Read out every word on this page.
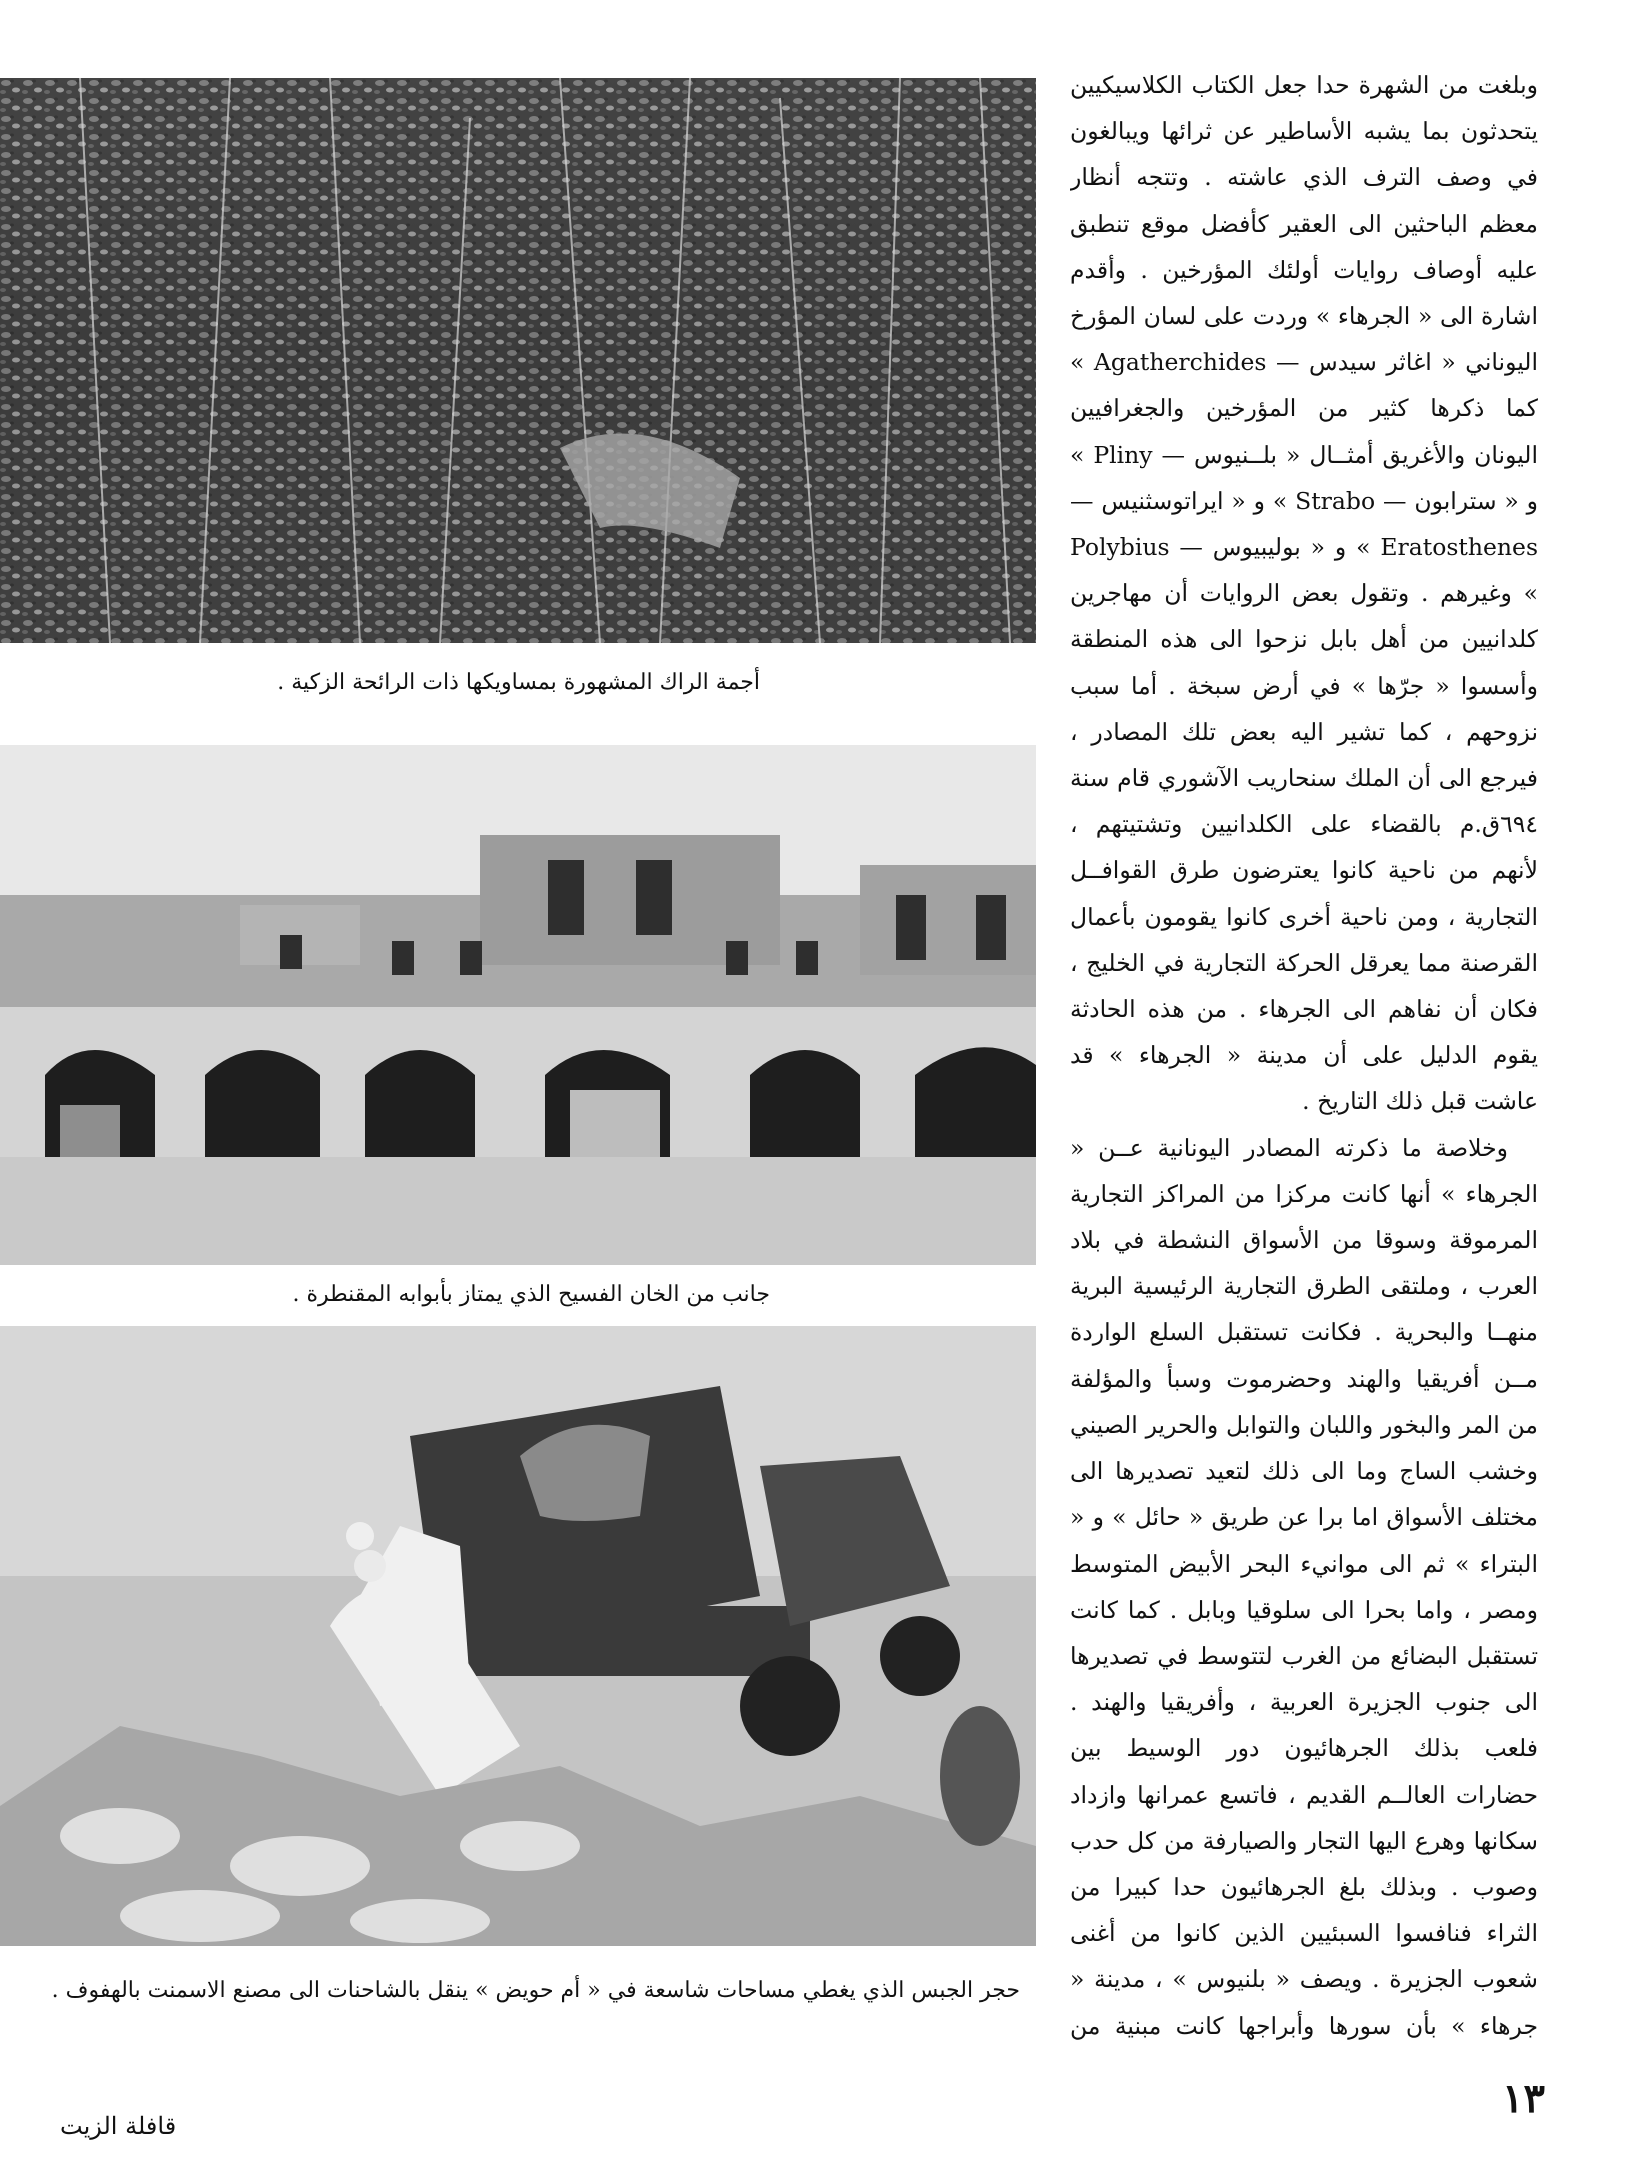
أجمة الراك المشهورة بمساويكها ذات الرائحة الزكية .
جانب من الخان الفسيح الذي يمتاز بأبوابه المقنطرة .
حجر الجبس الذي يغطي مساحات شاسعة في « أم حويض » ينقل بالشاحنات الى مصنع الاسمنت بالهفوف .

وبلغت من الشهرة حدا جعل الكتاب الكلاسيكيين يتحدثون بما يشبه الأساطير عن ثرائها ويبالغون في وصف الترف الذي عاشته . وتتجه أنظار معظم الباحثين الى العقير كأفضل موقع تنطبق عليه أوصاف روايات أولئك المؤرخين . وأقدم اشارة الى « الجرهاء » وردت على لسان المؤرخ اليوناني « اغاثر سيدس — Agatherchides » كما ذكرها كثير من المؤرخين والجغرافيين اليونان والأغريق أمثــال « بلــنيوس — Pliny » و « سترابون — Strabo » و « ايراتوسثنيس — Eratosthenes » و « بوليبيوس — Polybius » وغيرهم . وتقول بعض الروايات أن مهاجرين كلدانيين من أهل بابل نزحوا الى هذه المنطقة وأسسوا « جرّها » في أرض سبخة . أما سبب نزوحهم ، كما تشير اليه بعض تلك المصادر ، فيرجع الى أن الملك سنحاريب الآشوري قام سنة ٦٩٤ق.م بالقضاء على الكلدانيين وتشتيتهم ، لأنهم من ناحية كانوا يعترضون طرق القوافــل التجارية ، ومن ناحية أخرى كانوا يقومون بأعمال القرصنة مما يعرقل الحركة التجارية في الخليج ، فكان أن نفاهم الى الجرهاء . من هذه الحادثة يقوم الدليل على أن مدينة « الجرهاء » قد عاشت قبل ذلك التاريخ .

وخلاصة ما ذكرته المصادر اليونانية عــن « الجرهاء » أنها كانت مركزا من المراكز التجارية المرموقة وسوقا من الأسواق النشطة في بلاد العرب ، وملتقى الطرق التجارية الرئيسية البرية منهــا والبحرية . فكانت تستقبل السلع الواردة مــن أفريقيا والهند وحضرموت وسبأ والمؤلفة من المر والبخور واللبان والتوابل والحرير الصيني وخشب الساج وما الى ذلك لتعيد تصديرها الى مختلف الأسواق اما برا عن طريق « حائل » و « البتراء » ثم الى موانيء البحر الأبيض المتوسط ومصر ، واما بحرا الى سلوقيا وبابل . كما كانت تستقبل البضائع من الغرب لتتوسط في تصديرها الى جنوب الجزيرة العربية ، وأفريقيا والهند . فلعب بذلك الجرهائيون دور الوسيط بين حضارات العالــم القديم ، فاتسع عمرانها وازداد سكانها وهرع اليها التجار والصيارفة من كل حدب وصوب . وبذلك بلغ الجرهائيون حدا كبيرا من الثراء فنافسوا السبئيين الذين كانوا من أغنى شعوب الجزيرة . ويصف « بلنيوس » ، مدينة « جرهاء » بأن سورها وأبراجها كانت مبنية من

١٣
قافلة الزيت
